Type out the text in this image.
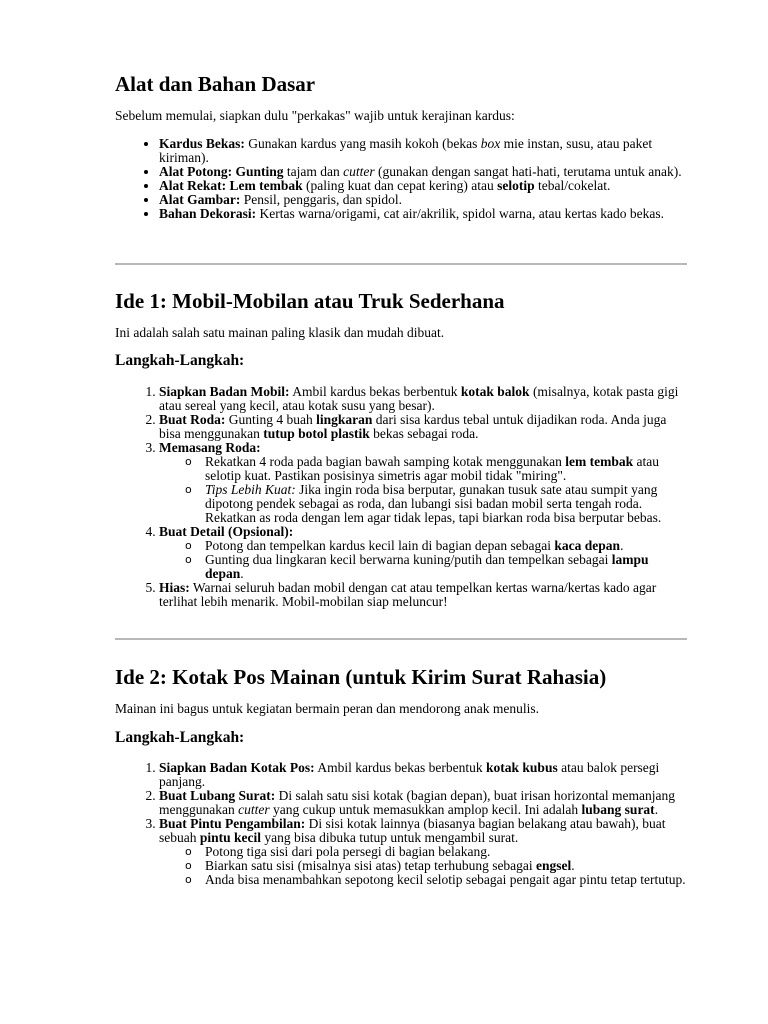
Alat dan Bahan Dasar

Sebelum memulai, siapkan dulu "perkakas" wajib untuk kerajinan kardus:

• Kardus Bekas: Gunakan kardus yang masih kokoh (bekas box mie instan, susu, atau paket kiriman).
• Alat Potong: Gunting tajam dan cutter (gunakan dengan sangat hati-hati, terutama untuk anak).
• Alat Rekat: Lem tembak (paling kuat dan cepat kering) atau selotip tebal/cokelat.
• Alat Gambar: Pensil, penggaris, dan spidol.
• Bahan Dekorasi: Kertas warna/origami, cat air/akrilik, spidol warna, atau kertas kado bekas.
Ide 1: Mobil-Mobilan atau Truk Sederhana

Ini adalah salah satu mainan paling klasik dan mudah dibuat.

Langkah-Langkah:
1. Siapkan Badan Mobil: Ambil kardus bekas berbentuk kotak balok (misalnya, kotak pasta gigi atau sereal yang kecil, atau kotak susu yang besar).
2. Buat Roda: Gunting 4 buah lingkaran dari sisa kardus tebal untuk dijadikan roda. Anda juga bisa menggunakan tutup botol plastik bekas sebagai roda.
3. Memasang Roda:
o Rekatkan 4 roda pada bagian bawah samping kotak menggunakan lem tembak atau selotip kuat. Pastikan posisinya simetris agar mobil tidak "miring".
o Tips Lebih Kuat: Jika ingin roda bisa berputar, gunakan tusuk sate atau sumpit yang dipotong pendek sebagai as roda, dan lubangi sisi badan mobil serta tengah roda. Rekatkan as roda dengan lem agar tidak lepas, tapi biarkan roda bisa berputar bebas.
4. Buat Detail (Opsional):
o Potong dan tempelkan kardus kecil lain di bagian depan sebagai kaca depan.
o Gunting dua lingkaran kecil berwarna kuning/putih dan tempelkan sebagai lampu depan.
5. Hias: Warnai seluruh badan mobil dengan cat atau tempelkan kertas warna/kertas kado agar terlihat lebih menarik. Mobil-mobilan siap meluncur!
Ide 2: Kotak Pos Mainan (untuk Kirim Surat Rahasia)

Mainan ini bagus untuk kegiatan bermain peran dan mendorong anak menulis.

Langkah-Langkah:
1. Siapkan Badan Kotak Pos: Ambil kardus bekas berbentuk kotak kubus atau balok persegi panjang.
2. Buat Lubang Surat: Di salah satu sisi kotak (bagian depan), buat irisan horizontal memanjang menggunakan cutter yang cukup untuk memasukkan amplop kecil. Ini adalah lubang surat.
3. Buat Pintu Pengambilan: Di sisi kotak lainnya (biasanya bagian belakang atau bawah), buat sebuah pintu kecil yang bisa dibuka tutup untuk mengambil surat.
o Potong tiga sisi dari pola persegi di bagian belakang.
o Biarkan satu sisi (misalnya sisi atas) tetap terhubung sebagai engsel.
o Anda bisa menambahkan sepotong kecil selotip sebagai pengait agar pintu tetap tertutup.
